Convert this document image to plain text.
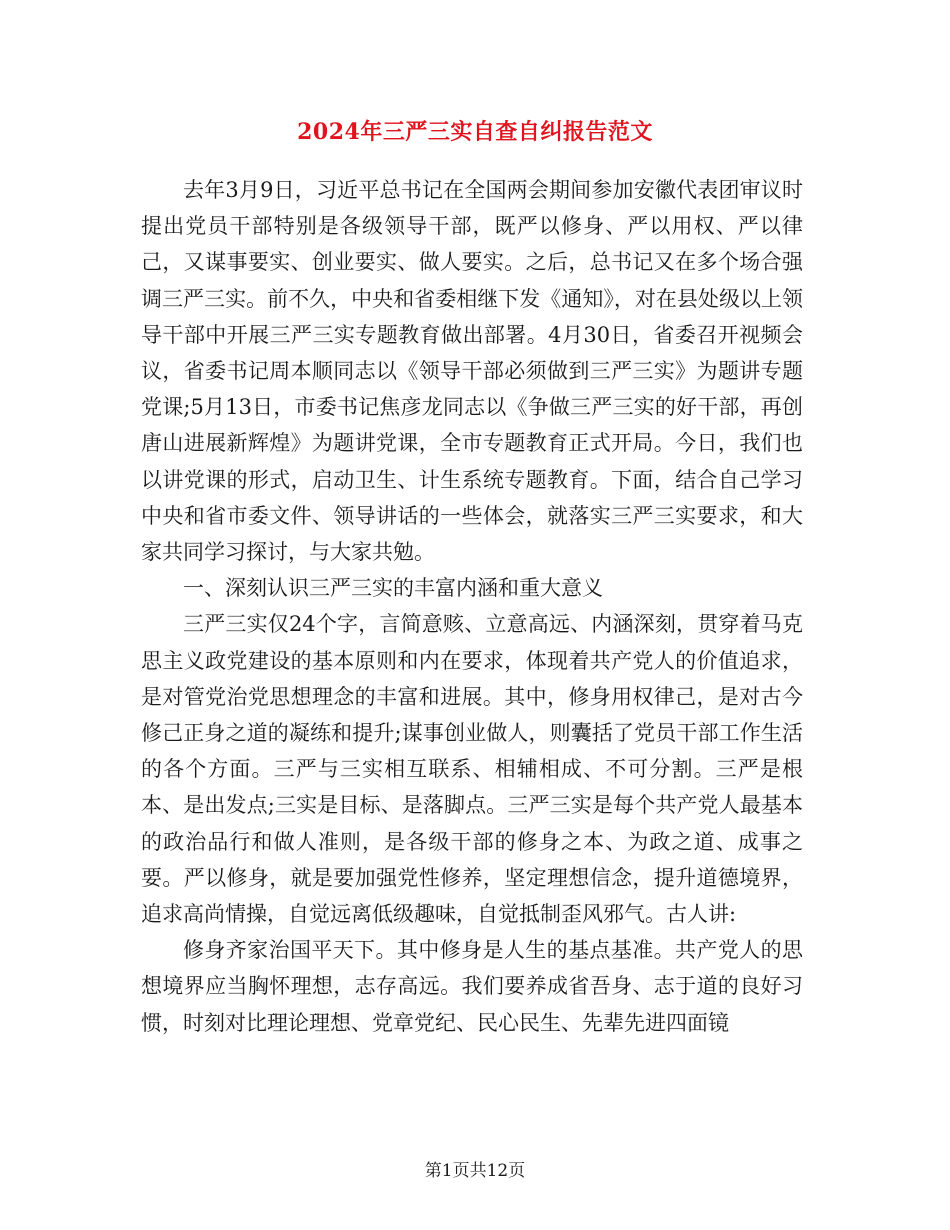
2024年三严三实自查自纠报告范文

去年3月9日，习近平总书记在全国两会期间参加安徽代表团审议时提出党员干部特别是各级领导干部，既严以修身、严以用权、严以律己，又谋事要实、创业要实、做人要实。之后，总书记又在多个场合强调三严三实。前不久，中央和省委相继下发《通知》，对在县处级以上领导干部中开展三严三实专题教育做出部署。4月30日，省委召开视频会议，省委书记周本顺同志以《领导干部必须做到三严三实》为题讲专题党课;5月13日，市委书记焦彦龙同志以《争做三严三实的好干部，再创唐山进展新辉煌》为题讲党课，全市专题教育正式开局。今日，我们也以讲党课的形式，启动卫生、计生系统专题教育。下面，结合自己学习中央和省市委文件、领导讲话的一些体会，就落实三严三实要求，和大家共同学习探讨，与大家共勉。

一、深刻认识三严三实的丰富内涵和重大意义

三严三实仅24个字，言简意赅、立意高远、内涵深刻，贯穿着马克思主义政党建设的基本原则和内在要求，体现着共产党人的价值追求，是对管党治党思想理念的丰富和进展。其中，修身用权律己，是对古今修己正身之道的凝练和提升;谋事创业做人，则囊括了党员干部工作生活的各个方面。三严与三实相互联系、相辅相成、不可分割。三严是根本、是出发点;三实是目标、是落脚点。三严三实是每个共产党人最基本的政治品行和做人准则，是各级干部的修身之本、为政之道、成事之要。严以修身，就是要加强党性修养，坚定理想信念，提升道德境界，追求高尚情操，自觉远离低级趣味，自觉抵制歪风邪气。古人讲:

修身齐家治国平天下。其中修身是人生的基点基准。共产党人的思想境界应当胸怀理想，志存高远。我们要养成省吾身、志于道的良好习惯，时刻对比理论理想、党章党纪、民心民生、先辈先进四面镜

第1页共12页
